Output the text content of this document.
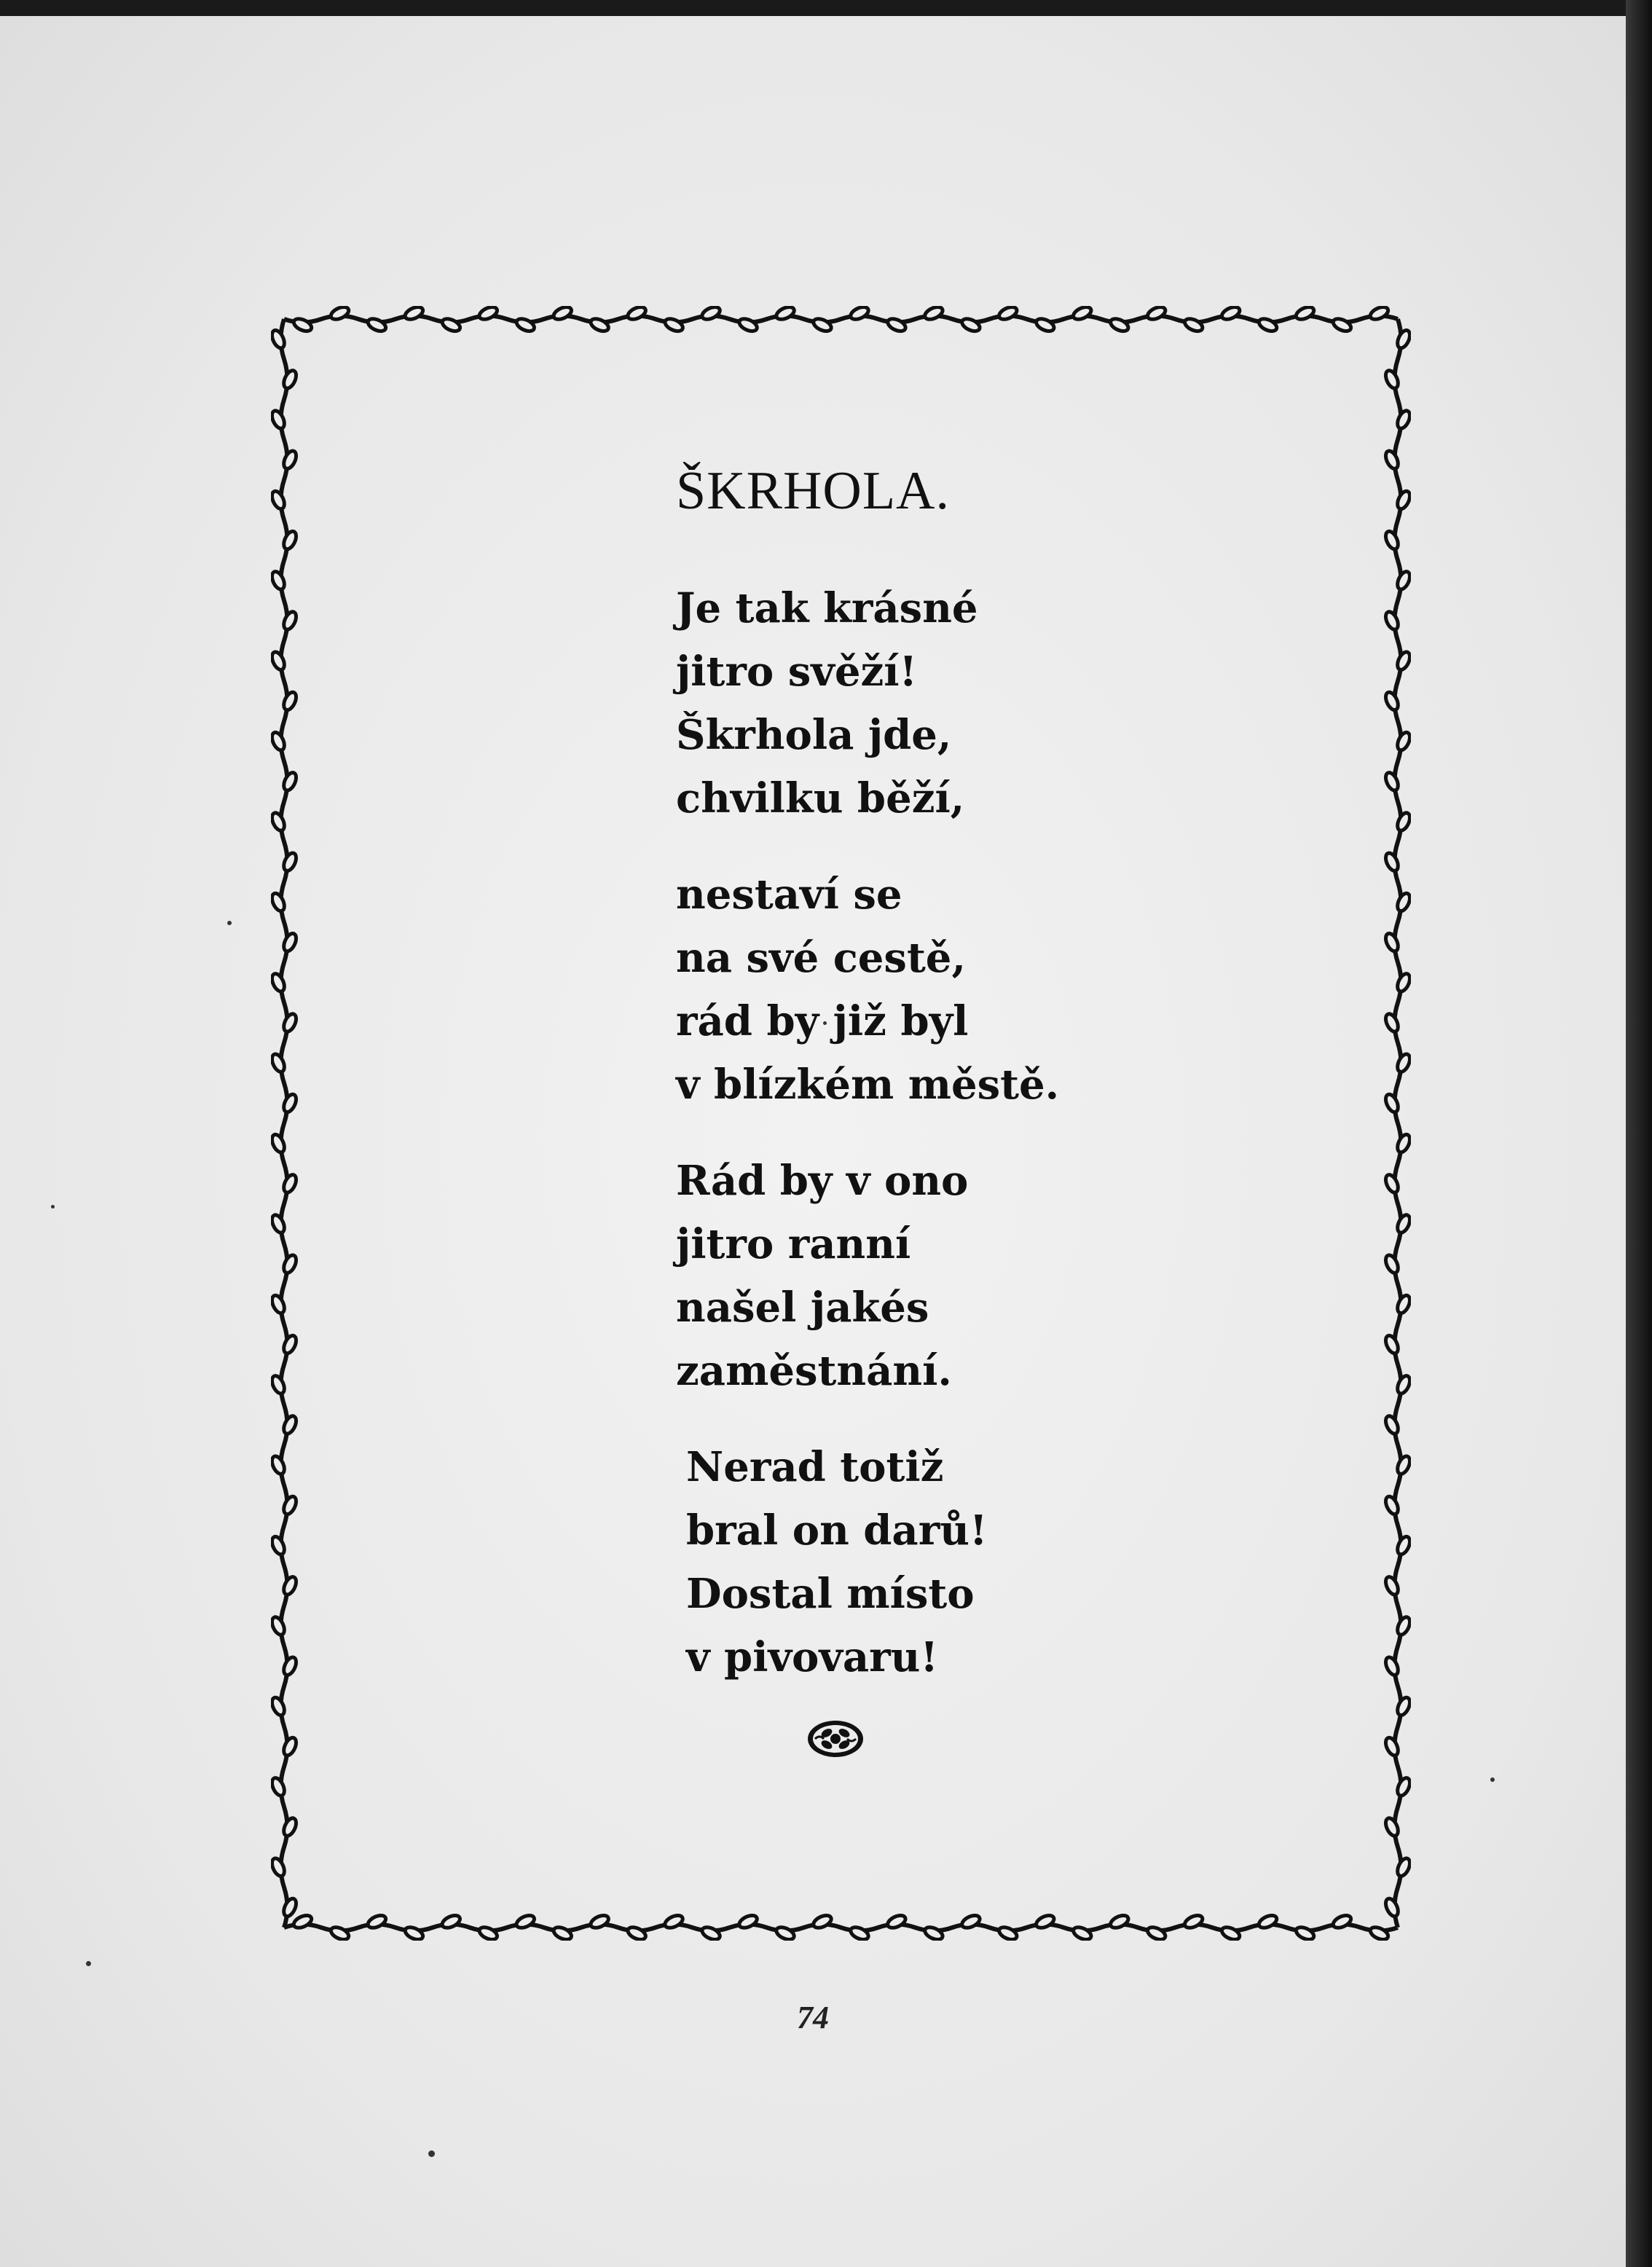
ŠKRHOLA.
Je tak krásné
jitro svěží!
Škrhola jde,
chvilku běží,
nestaví se
na své cestě,
rád by již byl
v blízkém městě.
Rád by v ono
jitro ranní
našel jakés
zaměstnání.
Nerad totiž
bral on darů!
Dostal místo
v pivovaru!
74
